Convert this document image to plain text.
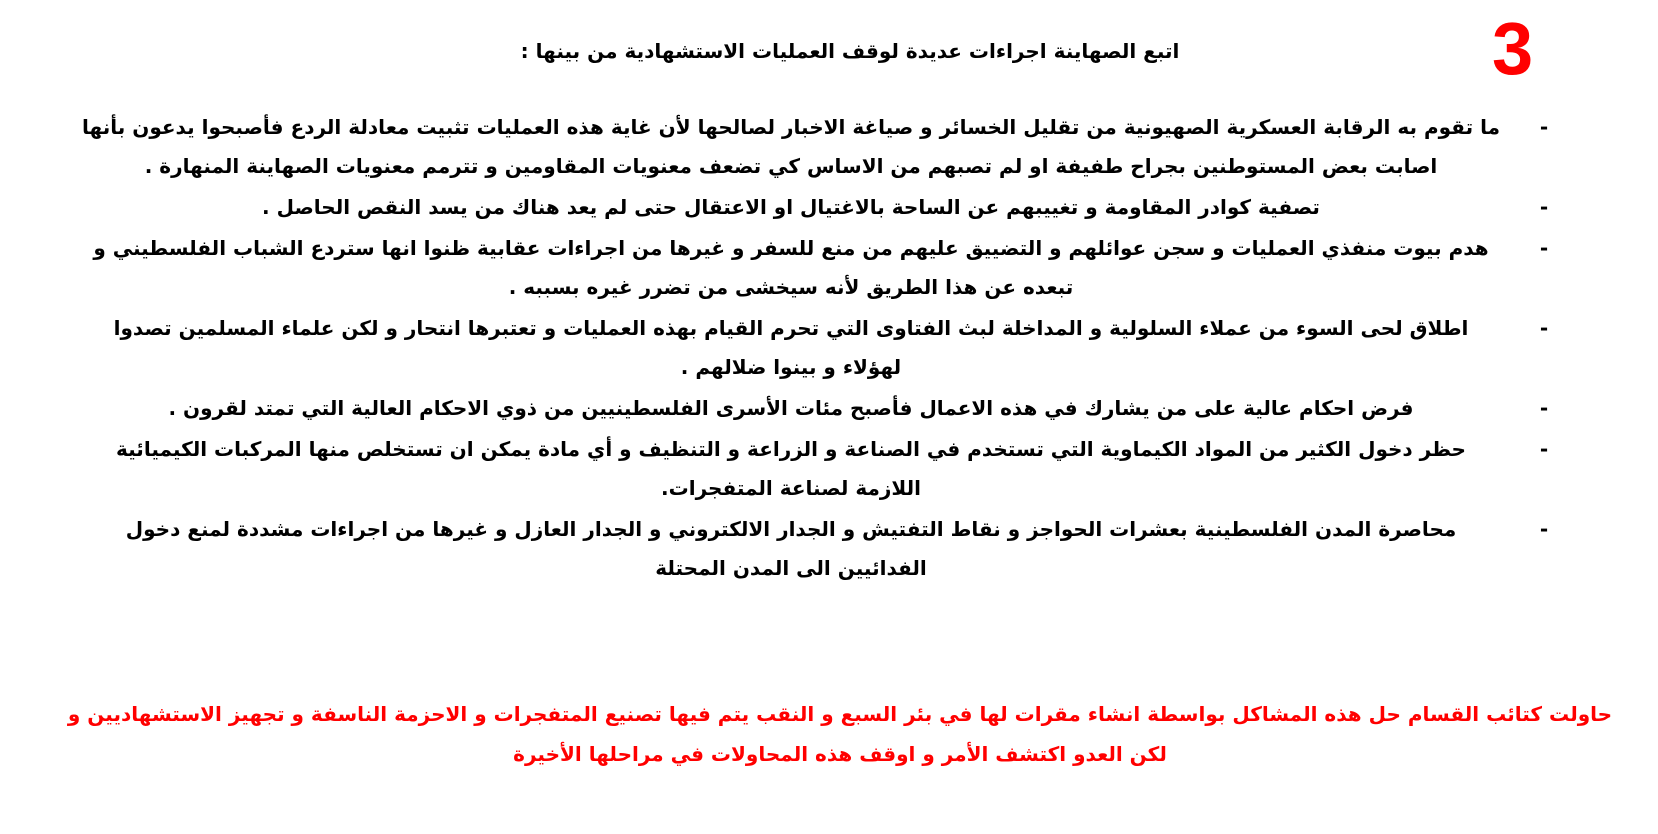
3
اتبع الصهاينة اجراءات عديدة لوقف العمليات الاستشهادية من بينها :
-
ما تقوم به الرقابة العسكرية الصهيونية من تقليل الخسائر و صياغة الاخبار لصالحها لأن غاية هذه العمليات تثبيت معادلة الردع فأصبحوا يدعون بأنها اصابت بعض المستوطنين بجراح طفيفة او لم تصبهم من الاساس كي تضعف معنويات المقاومين و تترمم معنويات الصهاينة المنهارة .
-
تصفية كوادر المقاومة و تغييبهم عن الساحة بالاغتيال او الاعتقال حتى لم يعد هناك من يسد النقص الحاصل .
-
هدم بيوت منفذي العمليات و سجن عوائلهم و التضييق عليهم من منع للسفر و غيرها من اجراءات عقابية ظنوا انها ستردع الشباب الفلسطيني و تبعده عن هذا الطريق لأنه سيخشى من تضرر غيره بسببه .
-
اطلاق لحى السوء من عملاء السلولية و المداخلة لبث الفتاوى التي تحرم القيام بهذه العمليات و تعتبرها انتحار و لكن علماء المسلمين تصدوا لهؤلاء و بينوا ضلالهم .
-
فرض احكام عالية على من يشارك في هذه الاعمال فأصبح مئات الأسرى الفلسطينيين من ذوي الاحكام العالية التي تمتد لقرون .
-
حظر دخول الكثير من المواد الكيماوية التي تستخدم في الصناعة و الزراعة و التنظيف و أي مادة يمكن ان تستخلص منها المركبات الكيميائية اللازمة لصناعة المتفجرات.
-
محاصرة المدن الفلسطينية بعشرات الحواجز و نقاط التفتيش و الجدار الالكتروني و الجدار العازل و غيرها من اجراءات مشددة لمنع دخول الفدائيين الى المدن المحتلة
حاولت كتائب القسام حل هذه المشاكل بواسطة انشاء مقرات لها في بئر السبع و النقب يتم فيها تصنيع المتفجرات و الاحزمة الناسفة و تجهيز الاستشهاديين و لكن العدو اكتشف الأمر و اوقف هذه المحاولات في مراحلها الأخيرة
